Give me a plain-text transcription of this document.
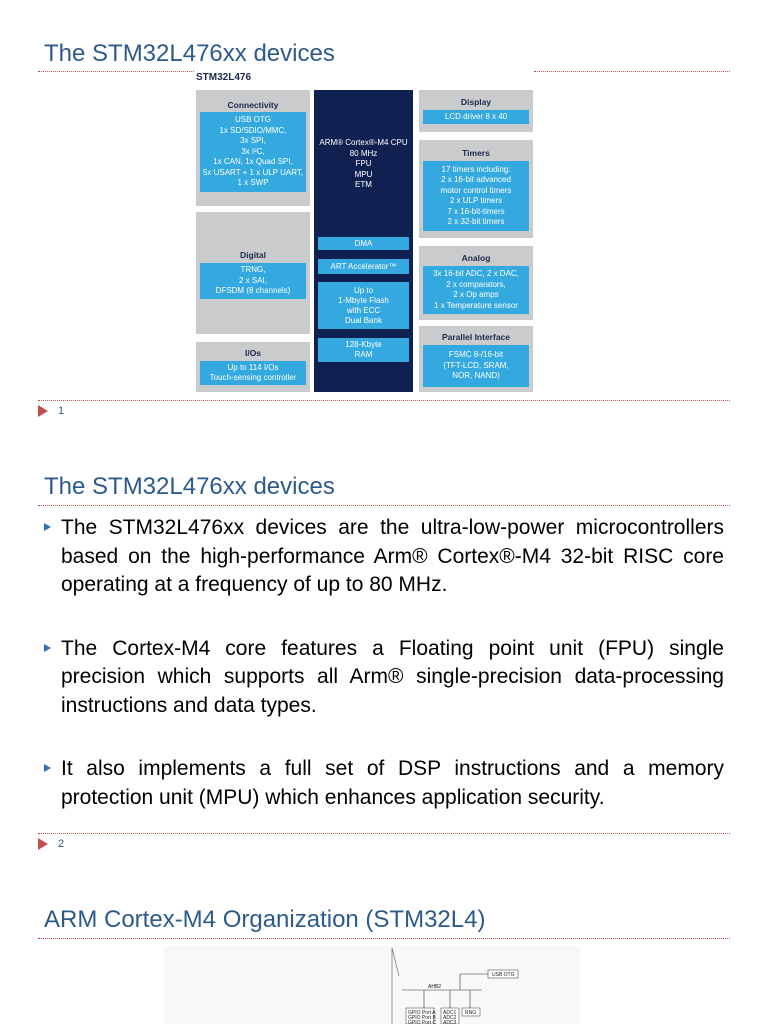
The STM32L476xx devices
STM32L476
Connectivity
USB OTG
1x SD/SDIO/MMC,
3x SPI,
3x I²C,
1x CAN, 1x Quad SPI,
5x USART + 1 x ULP UART,
1 x SWP
Digital
TRNG,
2 x SAI,
DFSDM (8 channels)
I/Os
Up to 114 I/Os
Touch-sensing controller
ARM® Cortex®-M4 CPU
80 MHz
FPU
MPU
ETM
DMA
ART Accelerator™
Up to
1-Mbyte Flash
with ECC
Dual Bank
128-Kbyte
RAM
Display
LCD driver 8 x 40
Timers
17 timers including:
2 x 16-bit advanced
motor control timers
2 x ULP timers
7 x 16-bit-timers
2 x 32-bit timers
Analog
3x 16-bit ADC, 2 x DAC,
2 x comparators,
2 x Op amps
1 x Temperature sensor
Parallel Interface
FSMC 8-/16-bit
(TFT-LCD, SRAM,
NOR, NAND)
1
The STM32L476xx devices
The STM32L476xx devices are the ultra-low-power microcontrollers based on the high-performance Arm® Cortex®-M4 32-bit RISC core operating at a frequency of up to 80 MHz.
The Cortex-M4 core features a Floating point unit (FPU) single precision which supports all Arm® single-precision data-processing instructions and data types.
It also implements a full set of DSP instructions and a memory protection unit (MPU) which enhances application security.
2
ARM Cortex-M4 Organization (STM32L4)
USB OTG
AHB2
GPIO Port A
GPIO Port B
GPIO Port C
ADC1
ADC2
ADC3
RNG
